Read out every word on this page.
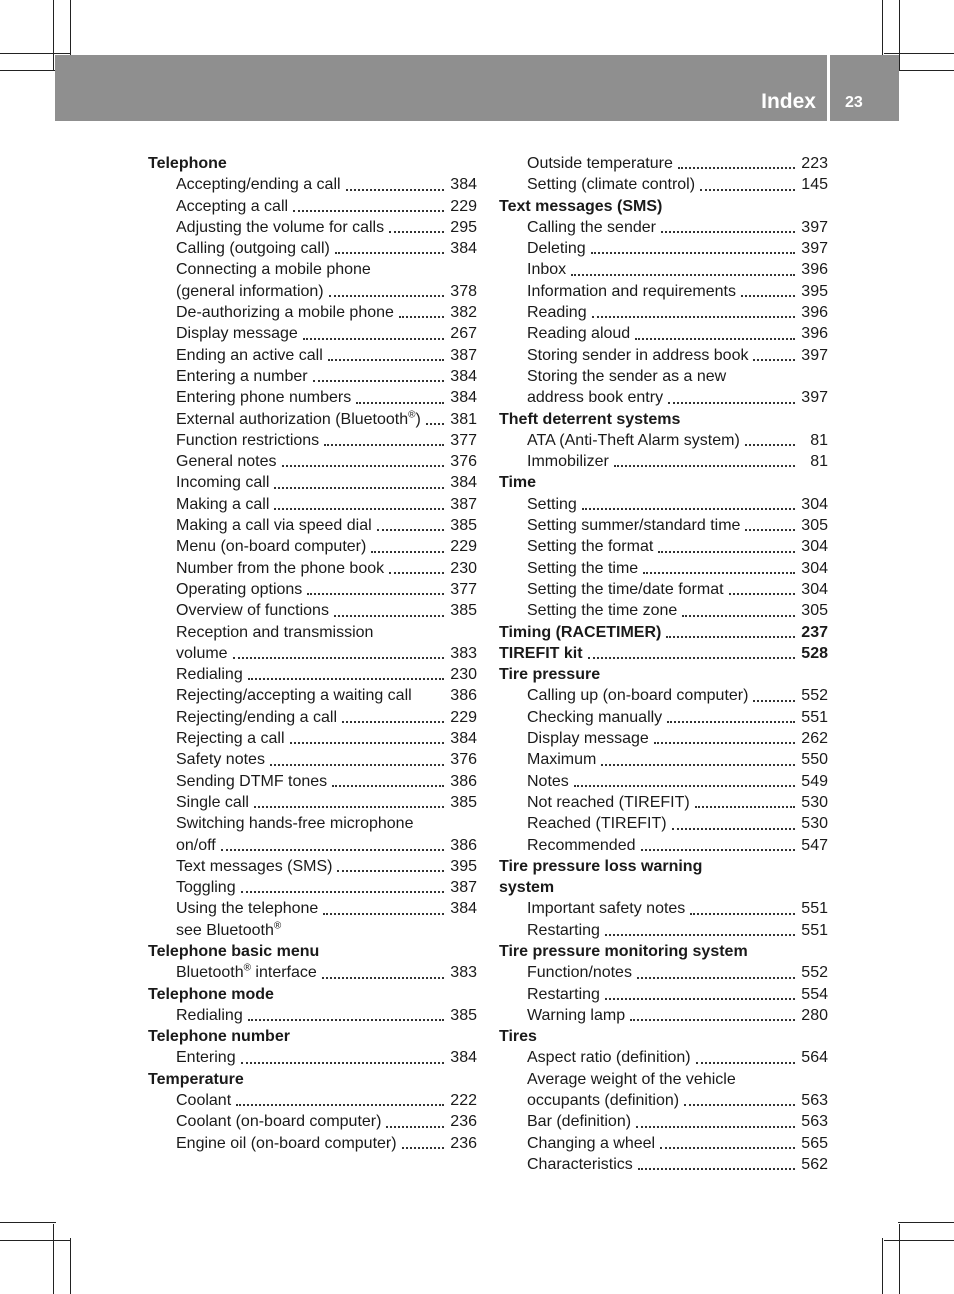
Index 23
Telephone
Accepting/ending a call	384
Accepting a call	229
Adjusting the volume for calls	295
Calling (outgoing call)	384
Connecting a mobile phone
(general information)	378
De-authorizing a mobile phone	382
Display message	267
Ending an active call	387
Entering a number	384
Entering phone numbers	384
External authorization (Bluetooth®) 381
Function restrictions	377
General notes	376
Incoming call	384
Making a call	387
Making a call via speed dial	385
Menu (on-board computer)	229
Number from the phone book	230
Operating options	377
Overview of functions	385
Reception and transmission
volume	383
Redialing	230
Rejecting/accepting a waiting call 386
Rejecting/ending a call	229
Rejecting a call	384
Safety notes	376
Sending DTMF tones	386
Single call	385
Switching hands-free microphone
on/off	386
Text messages (SMS)	395
Toggling	387
Using the telephone	384
see Bluetooth®
Telephone basic menu
Bluetooth® interface	383
Telephone mode
Redialing	385
Telephone number
Entering	384
Temperature
Coolant	222
Coolant (on-board computer)	236
Engine oil (on-board computer)	236
Outside temperature	223
Setting (climate control)	145
Text messages (SMS)
Calling the sender	397
Deleting	397
Inbox	396
Information and requirements	395
Reading	396
Reading aloud	396
Storing sender in address book	397
Storing the sender as a new
address book entry	397
Theft deterrent systems
ATA (Anti-Theft Alarm system)	81
Immobilizer	81
Time
Setting	304
Setting summer/standard time	305
Setting the format	304
Setting the time	304
Setting the time/date format	304
Setting the time zone	305
Timing (RACETIMER)	237
TIREFIT kit	528
Tire pressure
Calling up (on-board computer)	552
Checking manually	551
Display message	262
Maximum	550
Notes	549
Not reached (TIREFIT)	530
Reached (TIREFIT)	530
Recommended	547
Tire pressure loss warning
system
Important safety notes	551
Restarting	551
Tire pressure monitoring system
Function/notes	552
Restarting	554
Warning lamp	280
Tires
Aspect ratio (definition)	564
Average weight of the vehicle
occupants (definition)	563
Bar (definition)	563
Changing a wheel	565
Characteristics	562
